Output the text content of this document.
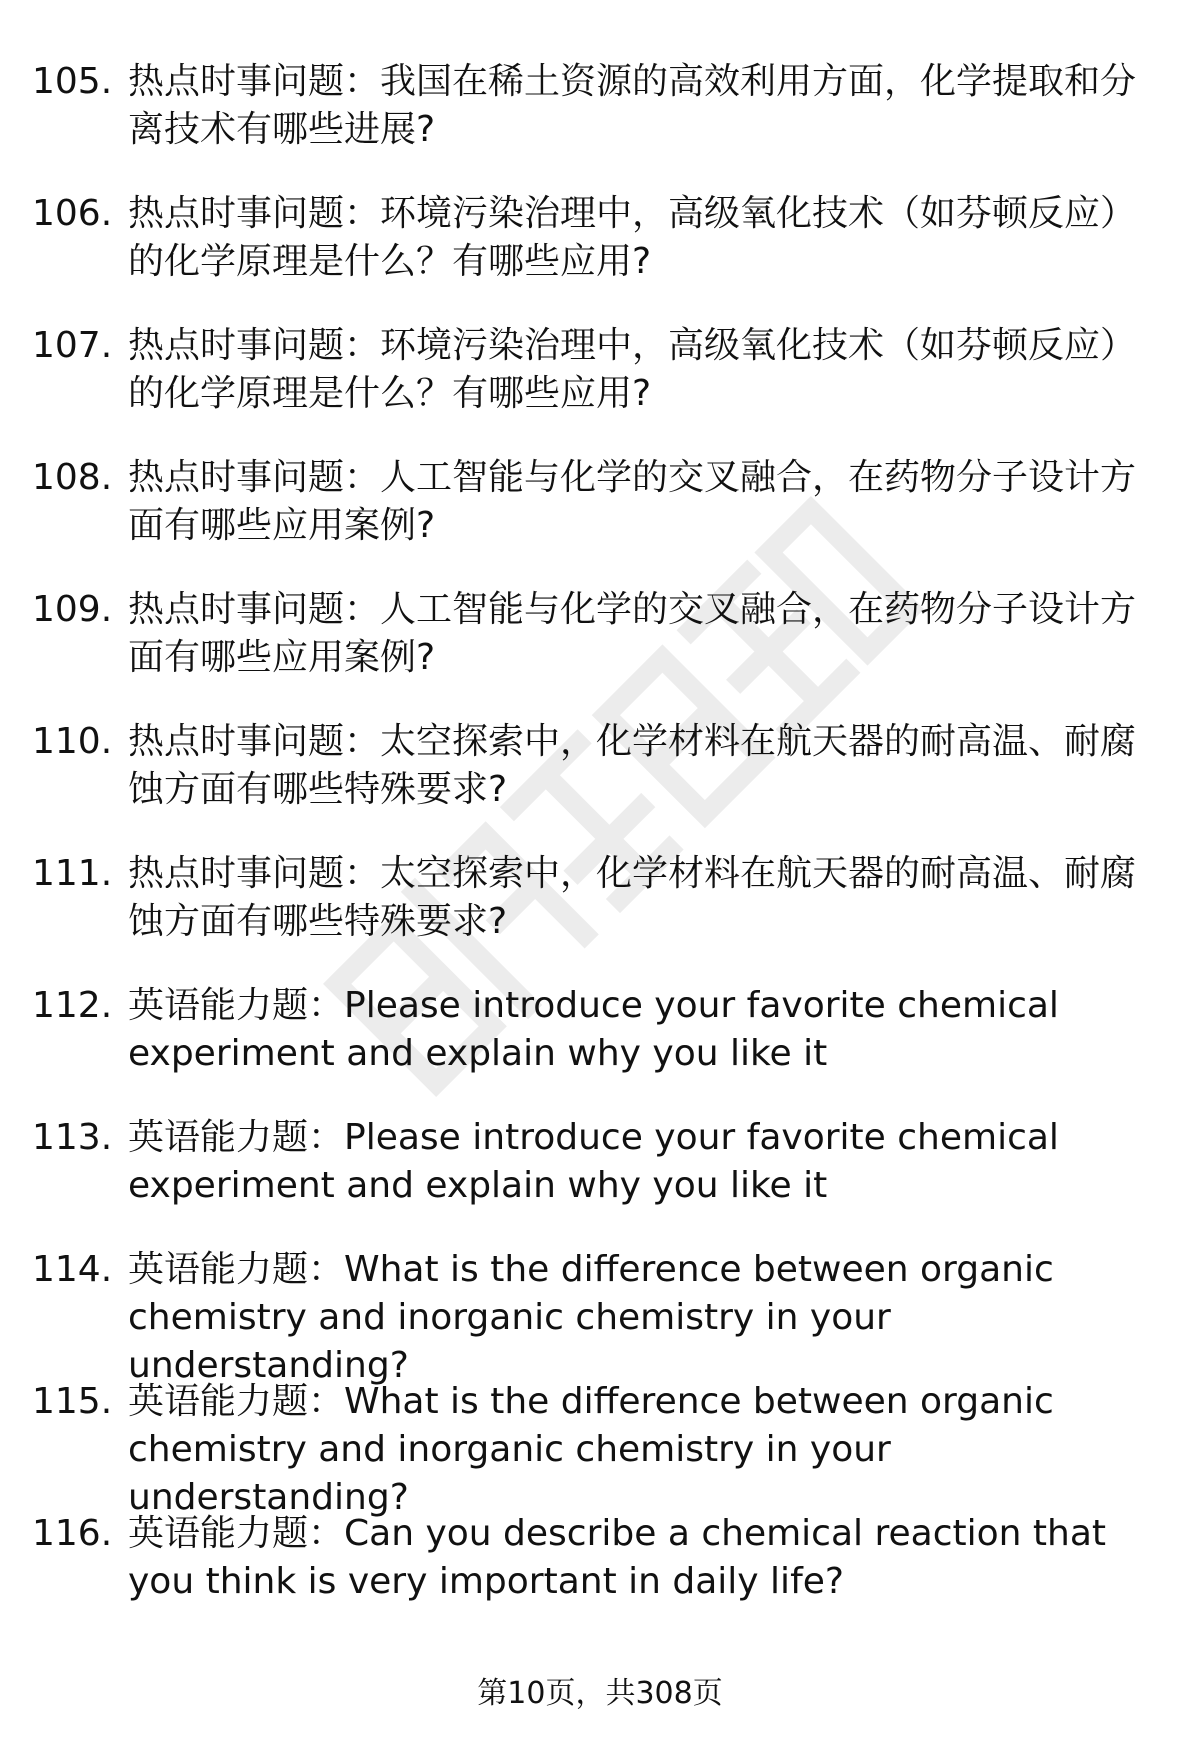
105. 热点时事问题：我国在稀土资源的高效利用方面，化学提取和分离技术有哪些进展?
106. 热点时事问题：环境污染治理中，高级氧化技术（如芬顿反应）的化学原理是什么？有哪些应用?
107. 热点时事问题：环境污染治理中，高级氧化技术（如芬顿反应）的化学原理是什么？有哪些应用?
108. 热点时事问题：人工智能与化学的交叉融合，在药物分子设计方面有哪些应用案例?
109. 热点时事问题：人工智能与化学的交叉融合，在药物分子设计方面有哪些应用案例?
110. 热点时事问题：太空探索中，化学材料在航天器的耐高温、耐腐蚀方面有哪些特殊要求?
111. 热点时事问题：太空探索中，化学材料在航天器的耐高温、耐腐蚀方面有哪些特殊要求?
112. 英语能力题：Please introduce your favorite chemical experiment and explain why you like it
113. 英语能力题：Please introduce your favorite chemical experiment and explain why you like it
114. 英语能力题：What is the difference between organic chemistry and inorganic chemistry in your understanding?
115. 英语能力题：What is the difference between organic chemistry and inorganic chemistry in your understanding?
116. 英语能力题：Can you describe a chemical reaction that you think is very important in daily life?
第10页，共308页
